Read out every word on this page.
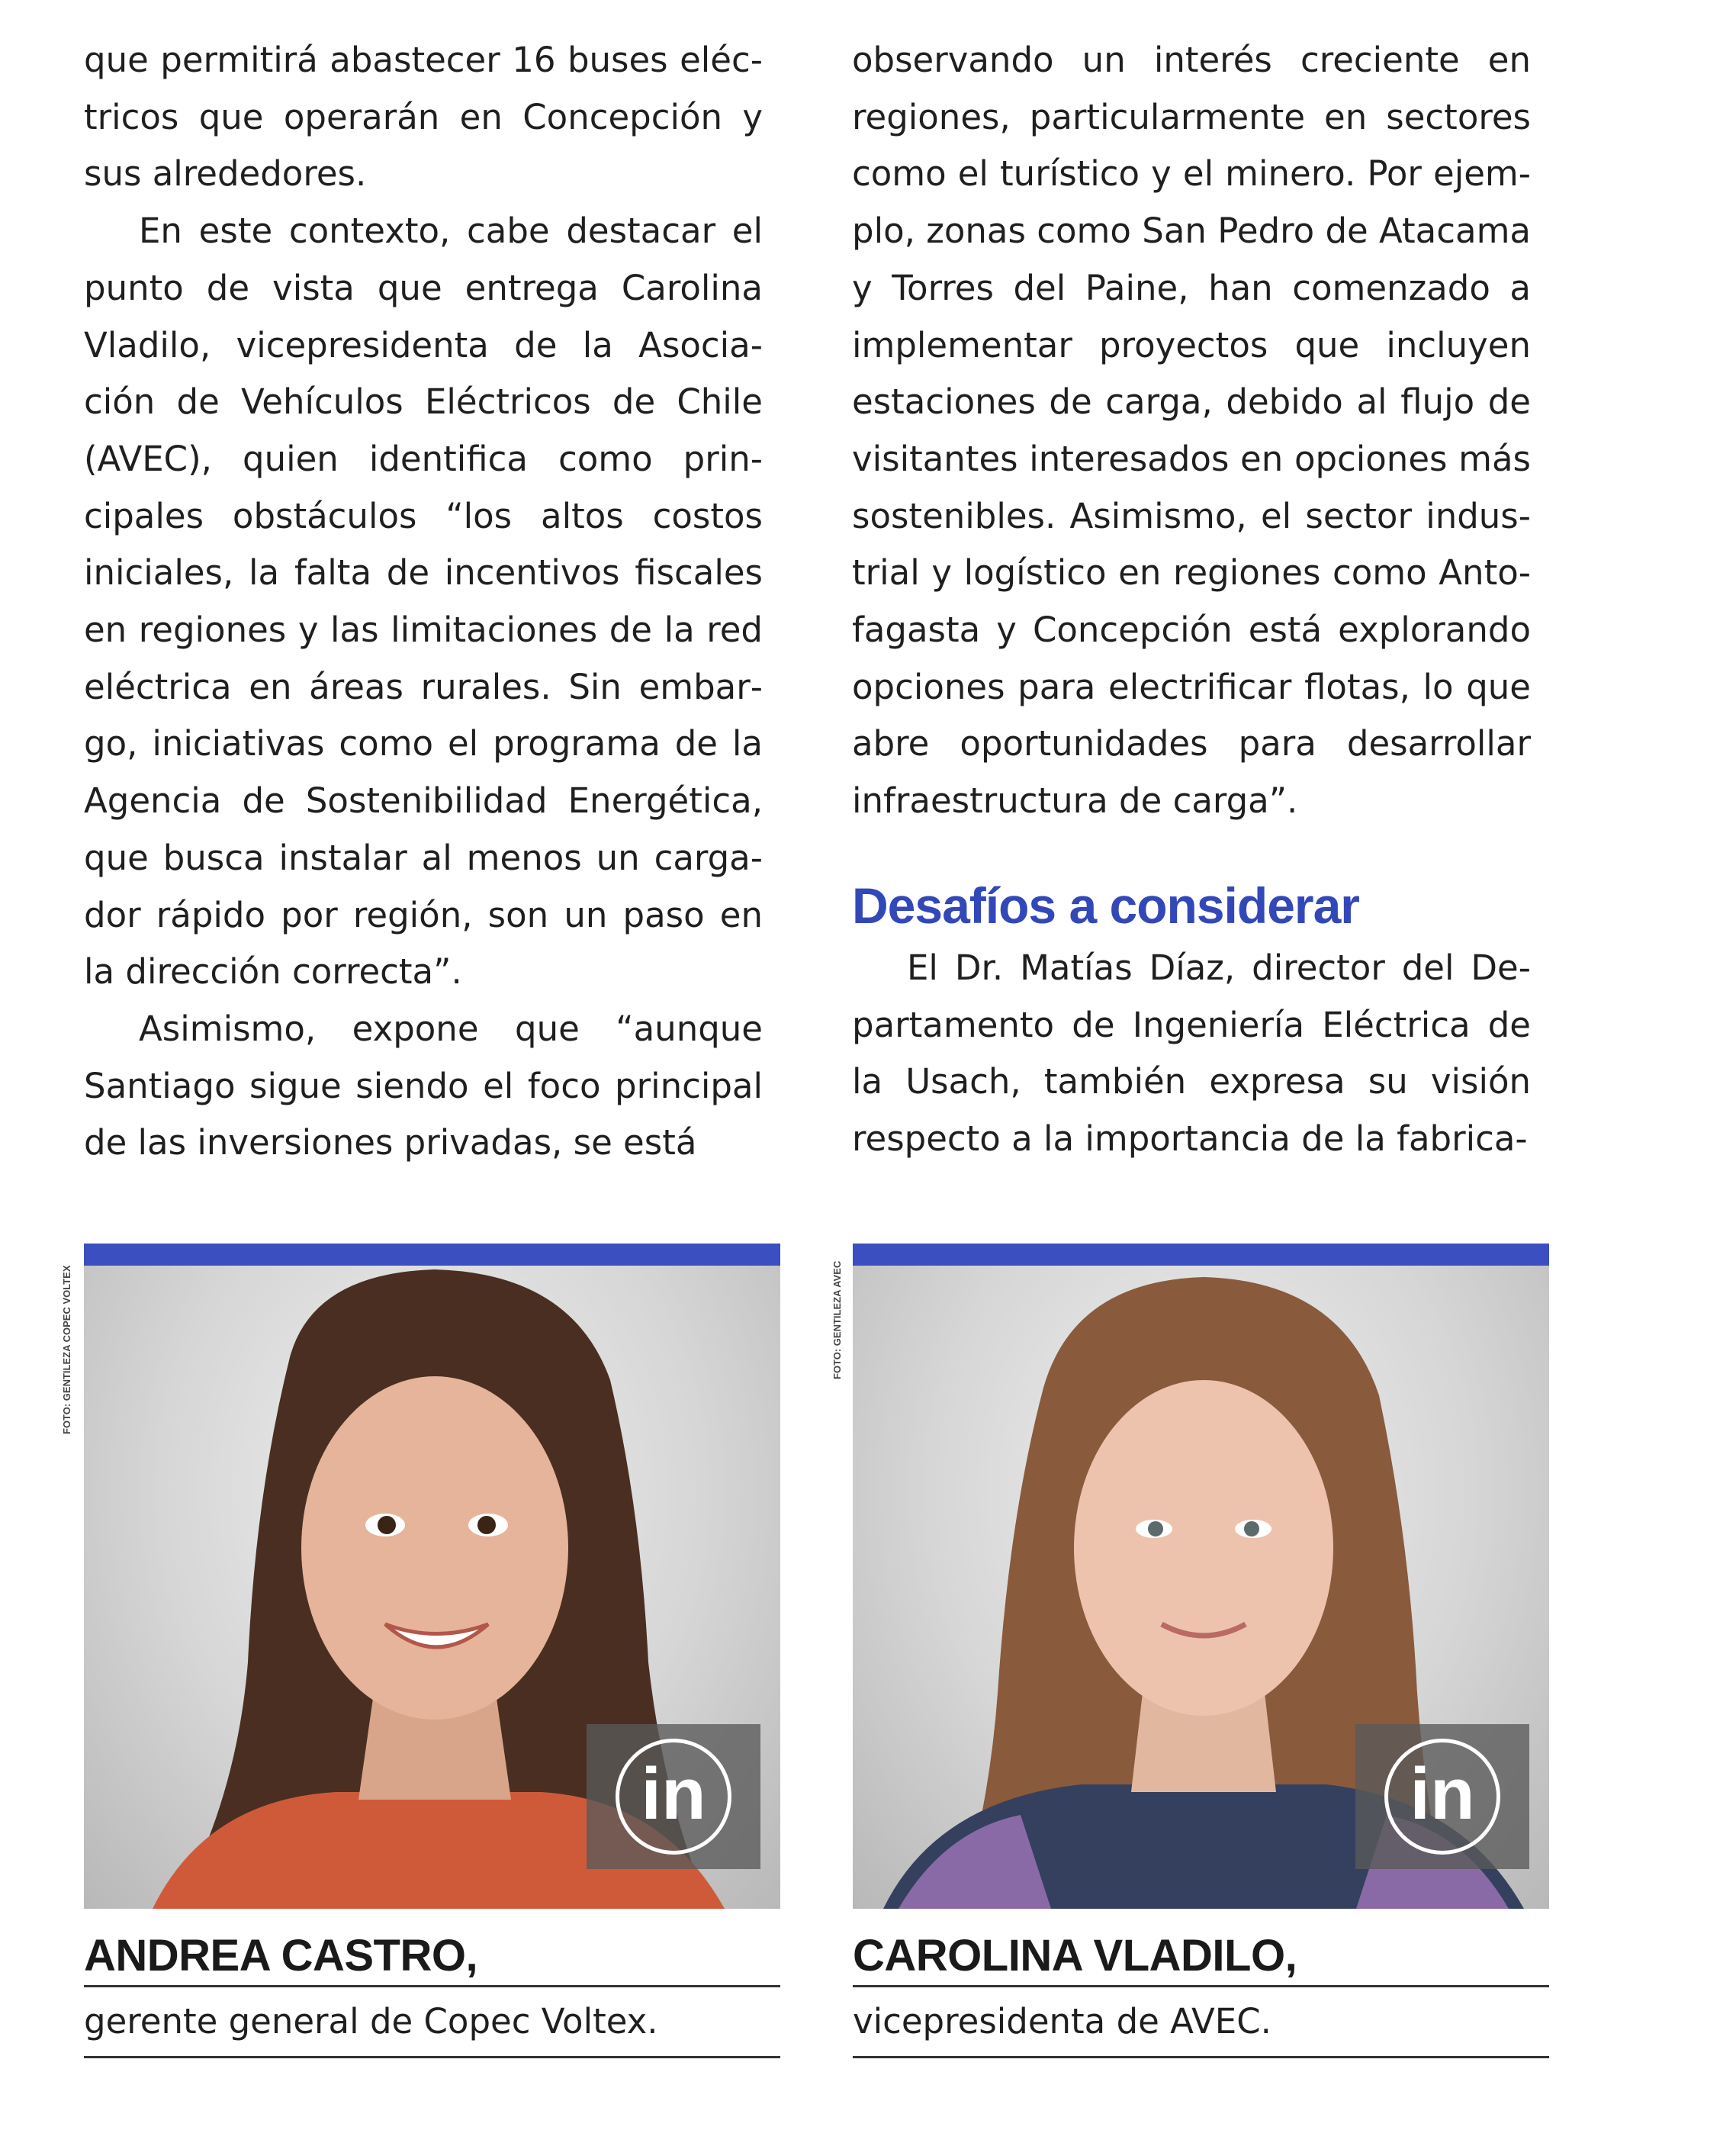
que permitirá abastecer 16 buses eléctricos que operarán en Concepción y sus alrededores.

En este contexto, cabe destacar el punto de vista que entrega Carolina Vladilo, vicepresidenta de la Asociación de Vehículos Eléctricos de Chile (AVEC), quien identifica como principales obstáculos “los altos costos iniciales, la falta de incentivos fiscales en regiones y las limitaciones de la red eléctrica en áreas rurales. Sin embargo, iniciativas como el programa de la Agencia de Sostenibilidad Energética, que busca instalar al menos un cargador rápido por región, son un paso en la dirección correcta”.

Asimismo, expone que “aunque Santiago sigue siendo el foco principal de las inversiones privadas, se está

observando un interés creciente en regiones, particularmente en sectores como el turístico y el minero. Por ejemplo, zonas como San Pedro de Atacama y Torres del Paine, han comenzado a implementar proyectos que incluyen estaciones de carga, debido al flujo de visitantes interesados en opciones más sostenibles. Asimismo, el sector industrial y logístico en regiones como Antofagasta y Concepción está explorando opciones para electrificar flotas, lo que abre oportunidades para desarrollar infraestructura de carga”.

Desafíos a considerar

El Dr. Matías Díaz, director del Departamento de Ingeniería Eléctrica de la Usach, también expresa su visión respecto a la importancia de la fabrica-

FOTO: GENTILEZA COPEC VOLTEX	FOTO: GENTILEZA AVEC
in
ANDREA CASTRO,
gerente general de Copec Voltex.
in
CAROLINA VLADILO,
vicepresidenta de AVEC.
